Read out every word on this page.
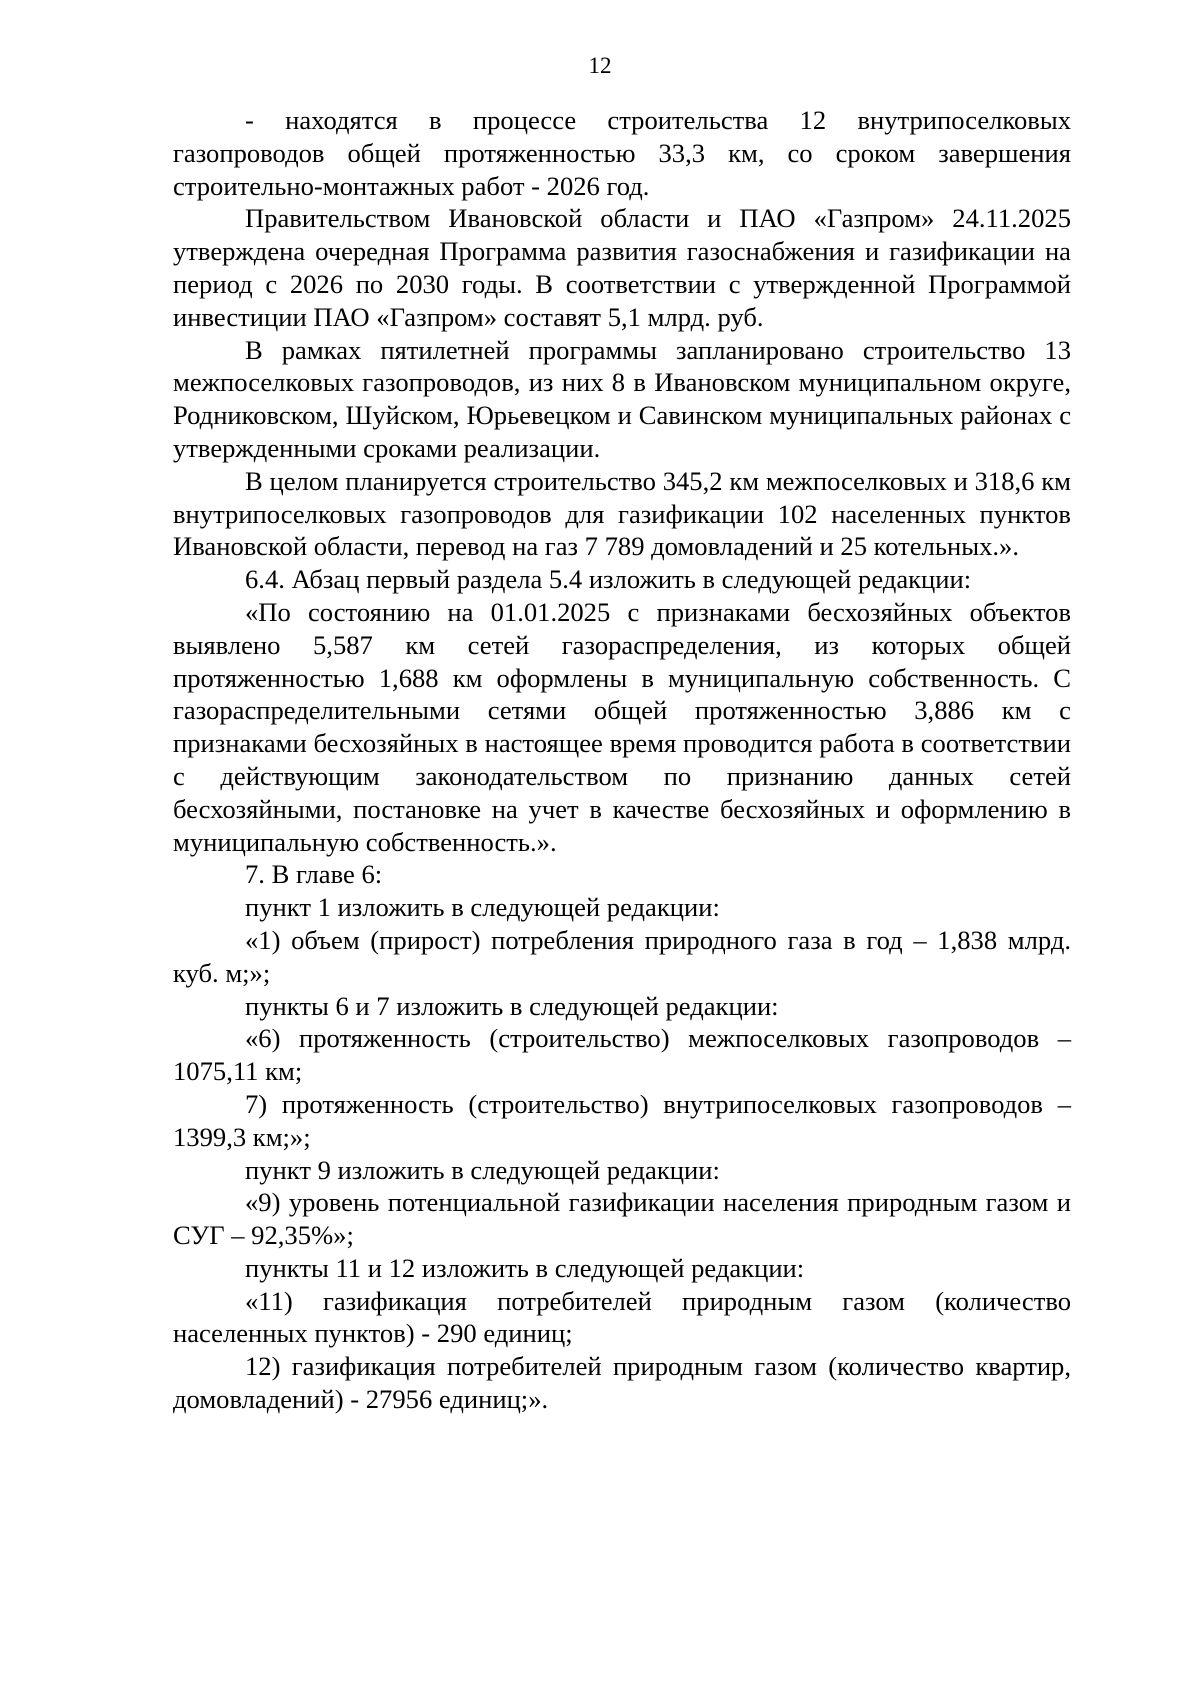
12

- находятся в процессе строительства 12 внутрипоселковых газопроводов общей протяженностью 33,3 км, со сроком завершения строительно-монтажных работ - 2026 год.

Правительством Ивановской области и ПАО «Газпром» 24.11.2025 утверждена очередная Программа развития газоснабжения и газификации на период с 2026 по 2030 годы. В соответствии с утвержденной Программой инвестиции ПАО «Газпром» составят 5,1 млрд. руб.

В рамках пятилетней программы запланировано строительство 13 межпоселковых газопроводов, из них 8 в Ивановском муниципальном округе, Родниковском, Шуйском, Юрьевецком и Савинском муниципальных районах с утвержденными сроками реализации.

В целом планируется строительство 345,2 км межпоселковых и 318,6 км внутрипоселковых газопроводов для газификации 102 населенных пунктов Ивановской области, перевод на газ 7 789 домовладений и 25 котельных.».

6.4. Абзац первый раздела 5.4 изложить в следующей редакции:

«По состоянию на 01.01.2025 с признаками бесхозяйных объектов выявлено 5,587 км сетей газораспределения, из которых общей протяженностью 1,688 км оформлены в муниципальную собственность. С газораспределительными сетями общей протяженностью 3,886 км с признаками бесхозяйных в настоящее время проводится работа в соответствии с действующим законодательством по признанию данных сетей бесхозяйными, постановке на учет в качестве бесхозяйных и оформлению в муниципальную собственность.».

7. В главе 6:

пункт 1 изложить в следующей редакции:

«1) объем (прирост) потребления природного газа в год – 1,838 млрд. куб. м;»;

пункты 6 и 7 изложить в следующей редакции:

«6) протяженность (строительство) межпоселковых газопроводов – 1075,11 км;

7) протяженность (строительство) внутрипоселковых газопроводов – 1399,3 км;»;

пункт 9 изложить в следующей редакции:

«9) уровень потенциальной газификации населения природным газом и СУГ – 92,35%»;

пункты 11 и 12 изложить в следующей редакции:

«11) газификация потребителей природным газом (количество населенных пунктов) - 290 единиц;

12) газификация потребителей природным газом (количество квартир, домовладений) - 27956 единиц;».
